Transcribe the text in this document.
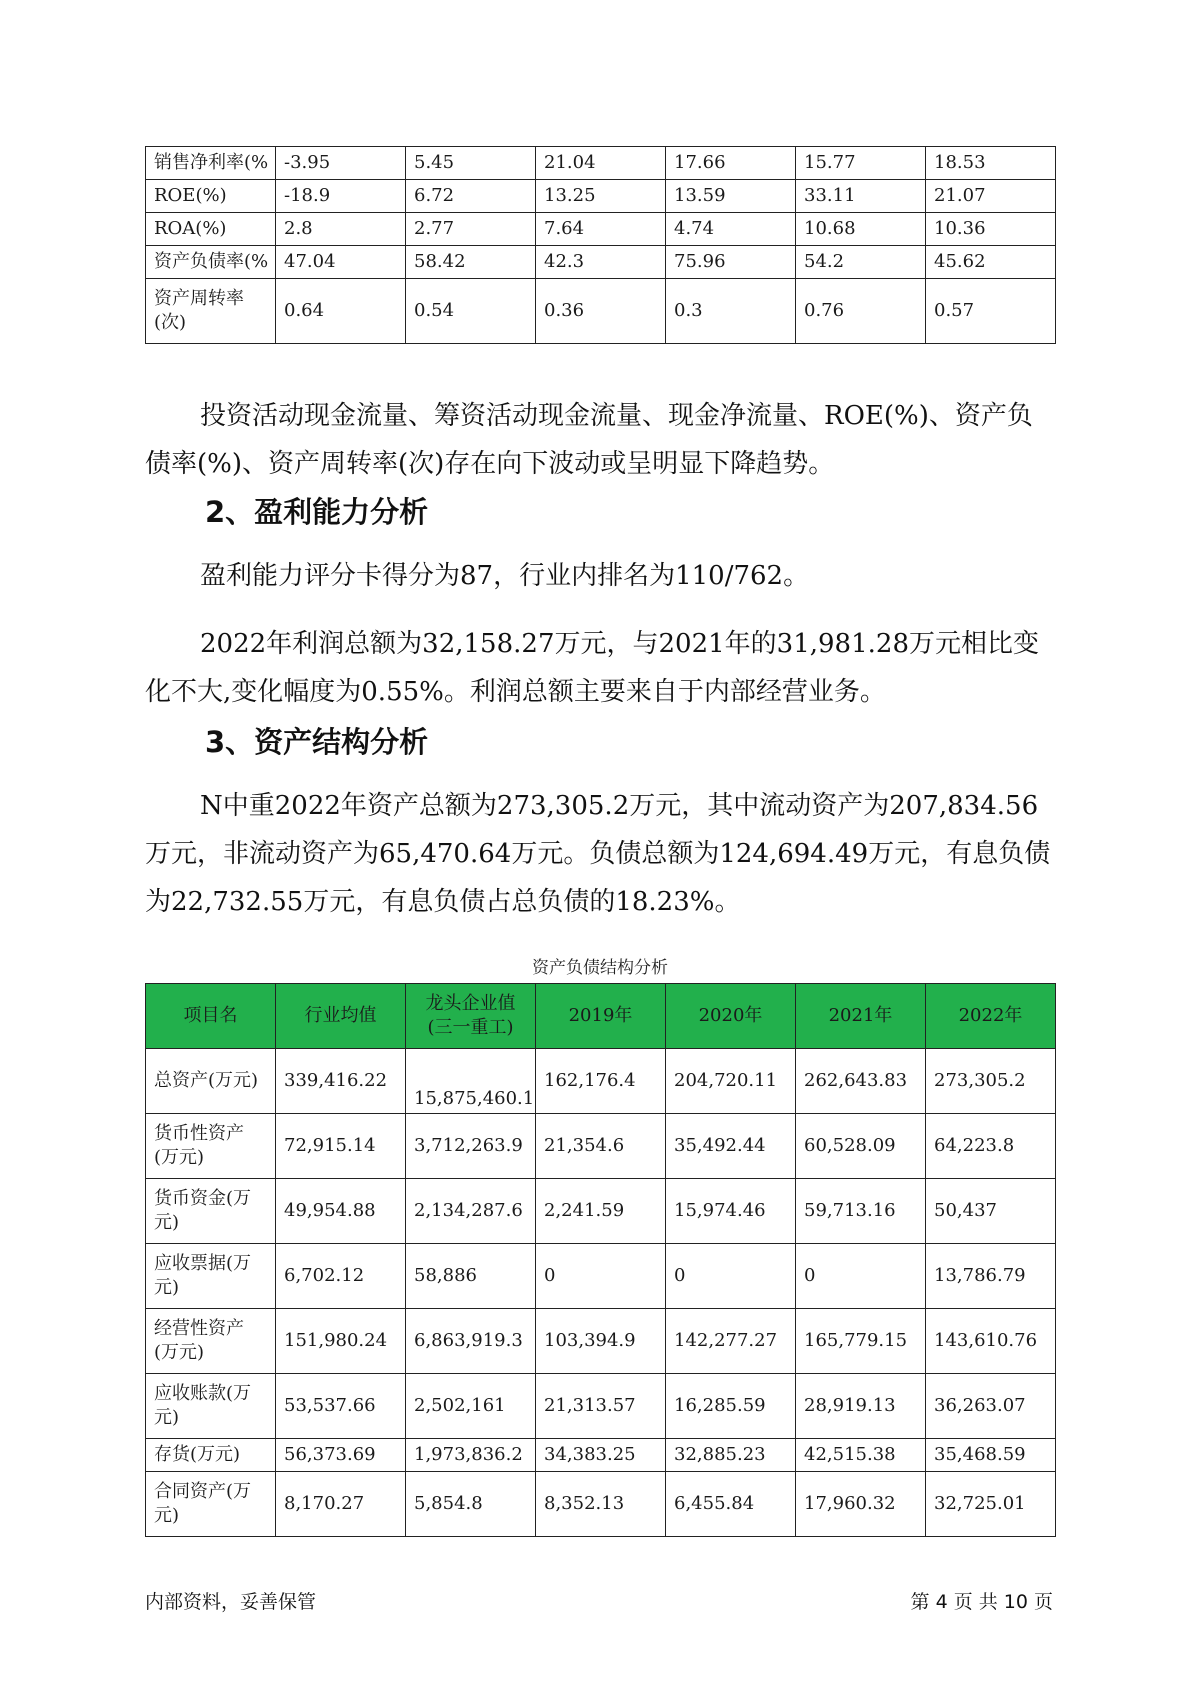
销售净利率(%	-3.95	5.45	21.04	17.66	15.77	18.53
ROE(%)	-18.9	6.72	13.25	13.59	33.11	21.07
ROA(%)	2.8	2.77	7.64	4.74	10.68	10.36
资产负债率(%	47.04	58.42	42.3	75.96	54.2	45.62
资产周转率(次)	0.64	0.54	0.36	0.3	0.76	0.57
投资活动现金流量、筹资活动现金流量、现金净流量、ROE(%)、资产负债率(%)、资产周转率(次)存在向下波动或呈明显下降趋势。
2、盈利能力分析
盈利能力评分卡得分为87，行业内排名为110/762。
2022年利润总额为32,158.27万元，与2021年的31,981.28万元相比变化不大,变化幅度为0.55%。利润总额主要来自于内部经营业务。
3、资产结构分析
N中重2022年资产总额为273,305.2万元，其中流动资产为207,834.56万元，非流动资产为65,470.64万元。负债总额为124,694.49万元，有息负债为22,732.55万元，有息负债占总负债的18.23%。
资产负债结构分析
项目名	行业均值	龙头企业值(三一重工)	2019年	2020年	2021年	2022年
总资产(万元)	339,416.22	15,875,460.1	162,176.4	204,720.11	262,643.83	273,305.2
货币性资产(万元)	72,915.14	3,712,263.9	21,354.6	35,492.44	60,528.09	64,223.8
货币资金(万元)	49,954.88	2,134,287.6	2,241.59	15,974.46	59,713.16	50,437
应收票据(万元)	6,702.12	58,886	0	0	0	13,786.79
经营性资产(万元)	151,980.24	6,863,919.3	103,394.9	142,277.27	165,779.15	143,610.76
应收账款(万元)	53,537.66	2,502,161	21,313.57	16,285.59	28,919.13	36,263.07
存货(万元)	56,373.69	1,973,836.2	34,383.25	32,885.23	42,515.38	35,468.59
合同资产(万元)	8,170.27	5,854.8	8,352.13	6,455.84	17,960.32	32,725.01
内部资料，妥善保管	第 4 页 共 10 页
